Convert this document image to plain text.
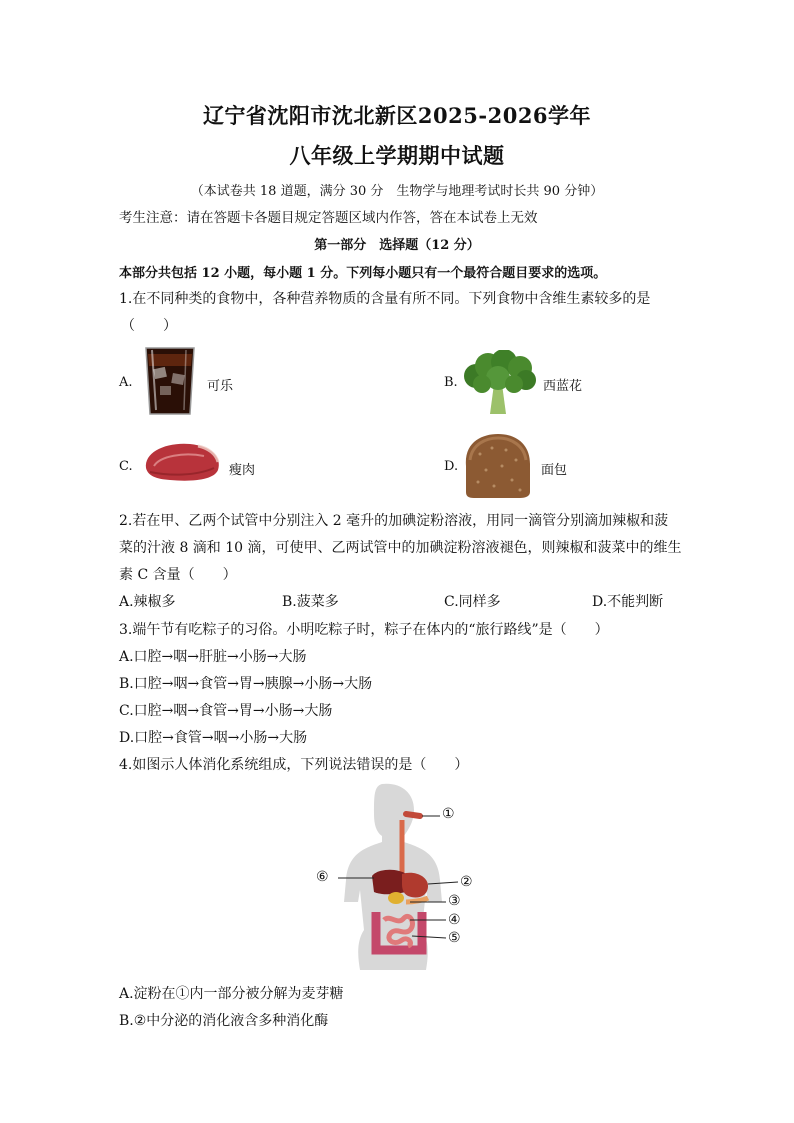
辽宁省沈阳市沈北新区2025-2026学年
八年级上学期期中试题
（本试卷共 18 道题，满分 30 分　生物学与地理考试时长共 90 分钟）
考生注意：请在答题卡各题目规定答题区域内作答，答在本试卷上无效
第一部分　选择题（12 分）
本部分共包括 12 小题，每小题 1 分。下列每小题只有一个最符合题目要求的选项。
1.在不同种类的食物中，各种营养物质的含量有所不同。下列食物中含维生素较多的是
（　　）
A.	可乐	B.	西蓝花
C.	瘦肉	D.	面包
2.若在甲、乙两个试管中分别注入 2 毫升的加碘淀粉溶液，用同一滴管分别滴加辣椒和菠
菜的汁液 8 滴和 10 滴，可使甲、乙两试管中的加碘淀粉溶液褪色，则辣椒和菠菜中的维生
素 C 含量（　　）
A.辣椒多	B.菠菜多	C.同样多	D.不能判断
3.端午节有吃粽子的习俗。小明吃粽子时，粽子在体内的“旅行路线”是（　　）
A.口腔→咽→肝脏→小肠→大肠
B.口腔→咽→食管→胃→胰腺→小肠→大肠
C.口腔→咽→食管→胃→小肠→大肠
D.口腔→食管→咽→小肠→大肠
4.如图示人体消化系统组成，下列说法错误的是（　　）
①
②
③
④
⑤
⑥
A.淀粉在①内一部分被分解为麦芽糖
B.②中分泌的消化液含多种消化酶
